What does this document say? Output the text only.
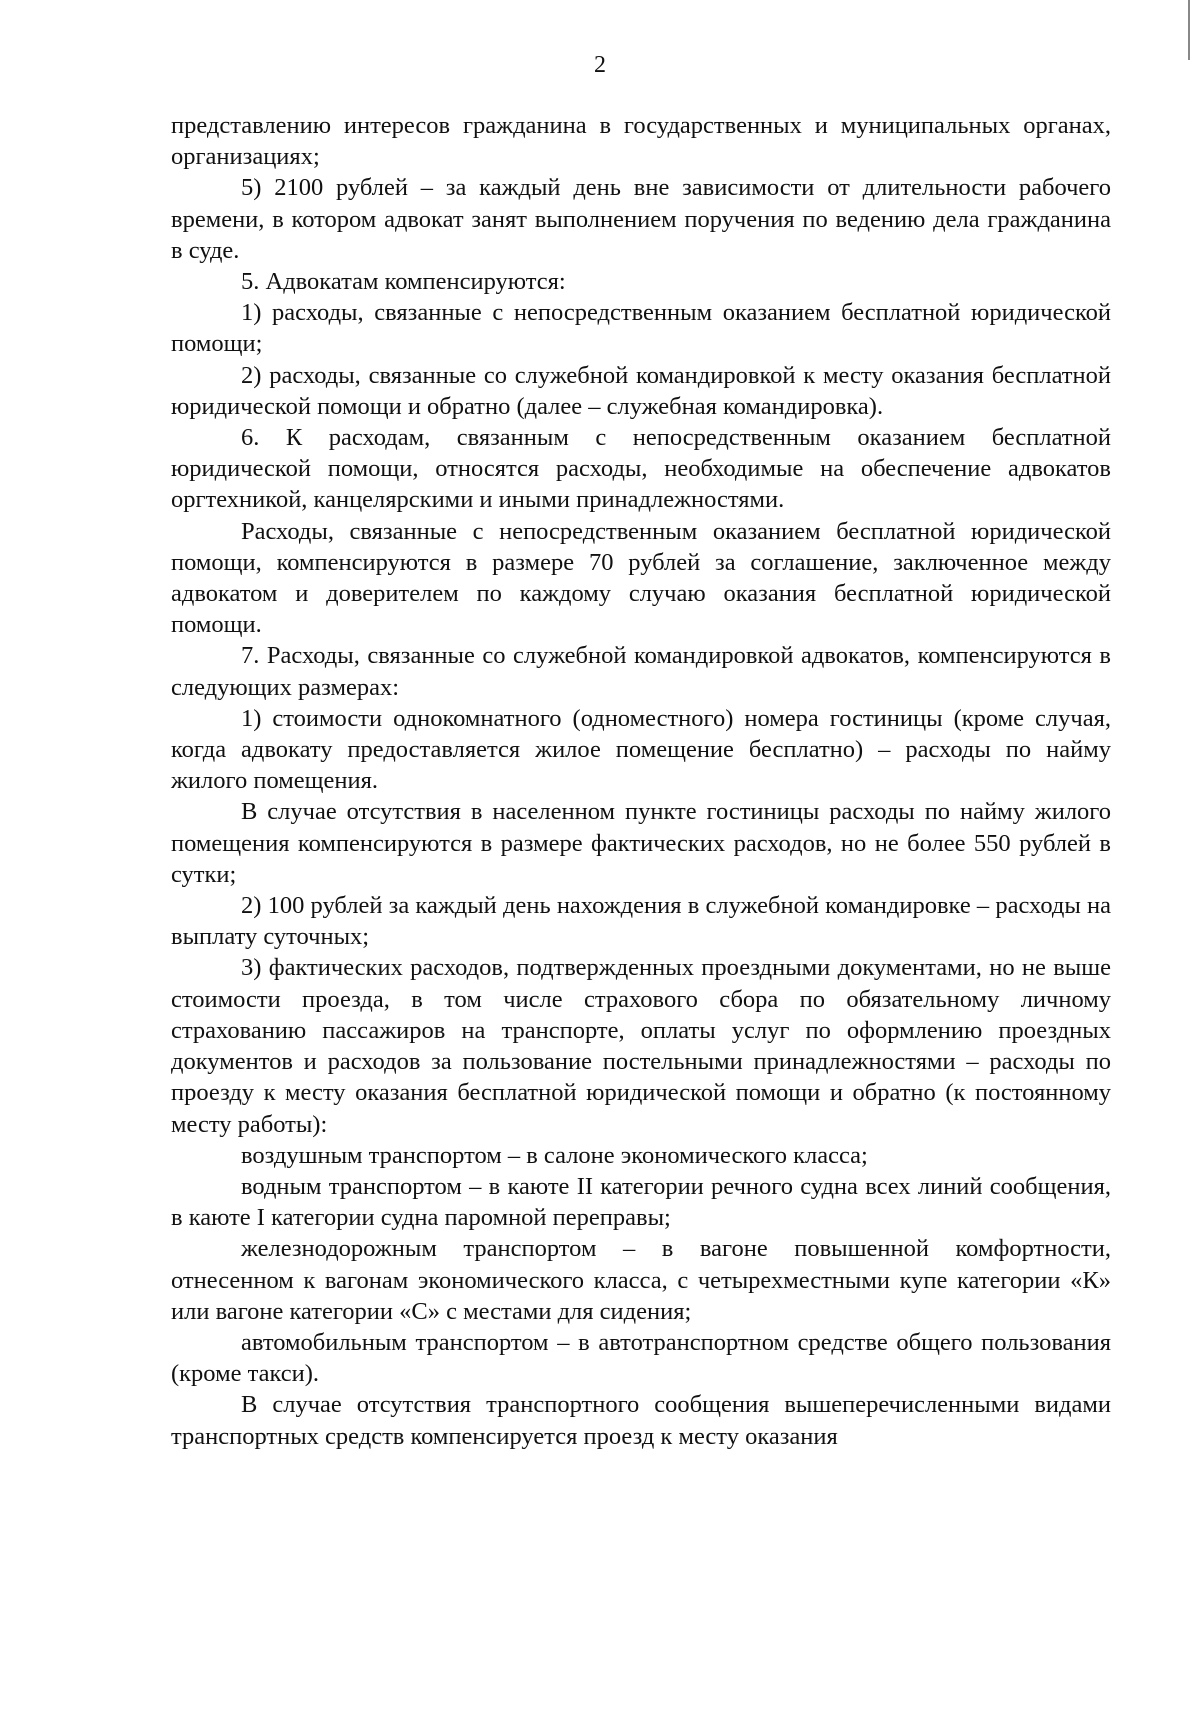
2

представлению интересов гражданина в государственных и муниципальных органах, организациях;

5) 2100 рублей – за каждый день вне зависимости от длительности рабочего времени, в котором адвокат занят выполнением поручения по ведению дела гражданина в суде.

5. Адвокатам компенсируются:

1) расходы, связанные с непосредственным оказанием бесплатной юридической помощи;

2) расходы, связанные со служебной командировкой к месту оказания бесплатной юридической помощи и обратно (далее – служебная командировка).

6. К расходам, связанным с непосредственным оказанием бесплатной юридической помощи, относятся расходы, необходимые на обеспечение адвокатов оргтехникой, канцелярскими и иными принадлежностями.

Расходы, связанные с непосредственным оказанием бесплатной юридической помощи, компенсируются в размере 70 рублей за соглашение, заключенное между адвокатом и доверителем по каждому случаю оказания бесплатной юридической помощи.

7. Расходы, связанные со служебной командировкой адвокатов, компенсируются в следующих размерах:

1) стоимости однокомнатного (одноместного) номера гостиницы (кроме случая, когда адвокату предоставляется жилое помещение бесплатно) – расходы по найму жилого помещения.

В случае отсутствия в населенном пункте гостиницы расходы по найму жилого помещения компенсируются в размере фактических расходов, но не более 550 рублей в сутки;

2) 100 рублей за каждый день нахождения в служебной командировке – расходы на выплату суточных;

3) фактических расходов, подтвержденных проездными документами, но не выше стоимости проезда, в том числе страхового сбора по обязательному личному страхованию пассажиров на транспорте, оплаты услуг по оформлению проездных документов и расходов за пользование постельными принадлежностями – расходы по проезду к месту оказания бесплатной юридической помощи и обратно (к постоянному месту работы):

воздушным транспортом – в салоне экономического класса;

водным транспортом – в каюте II категории речного судна всех линий сообщения, в каюте I категории судна паромной переправы;

железнодорожным транспортом – в вагоне повышенной комфортности, отнесенном к вагонам экономического класса, с четырехместными купе категории «К» или вагоне категории «С» с местами для сидения;

автомобильным транспортом – в автотранспортном средстве общего пользования (кроме такси).

В случае отсутствия транспортного сообщения вышеперечисленными видами транспортных средств компенсируется проезд к месту оказания
